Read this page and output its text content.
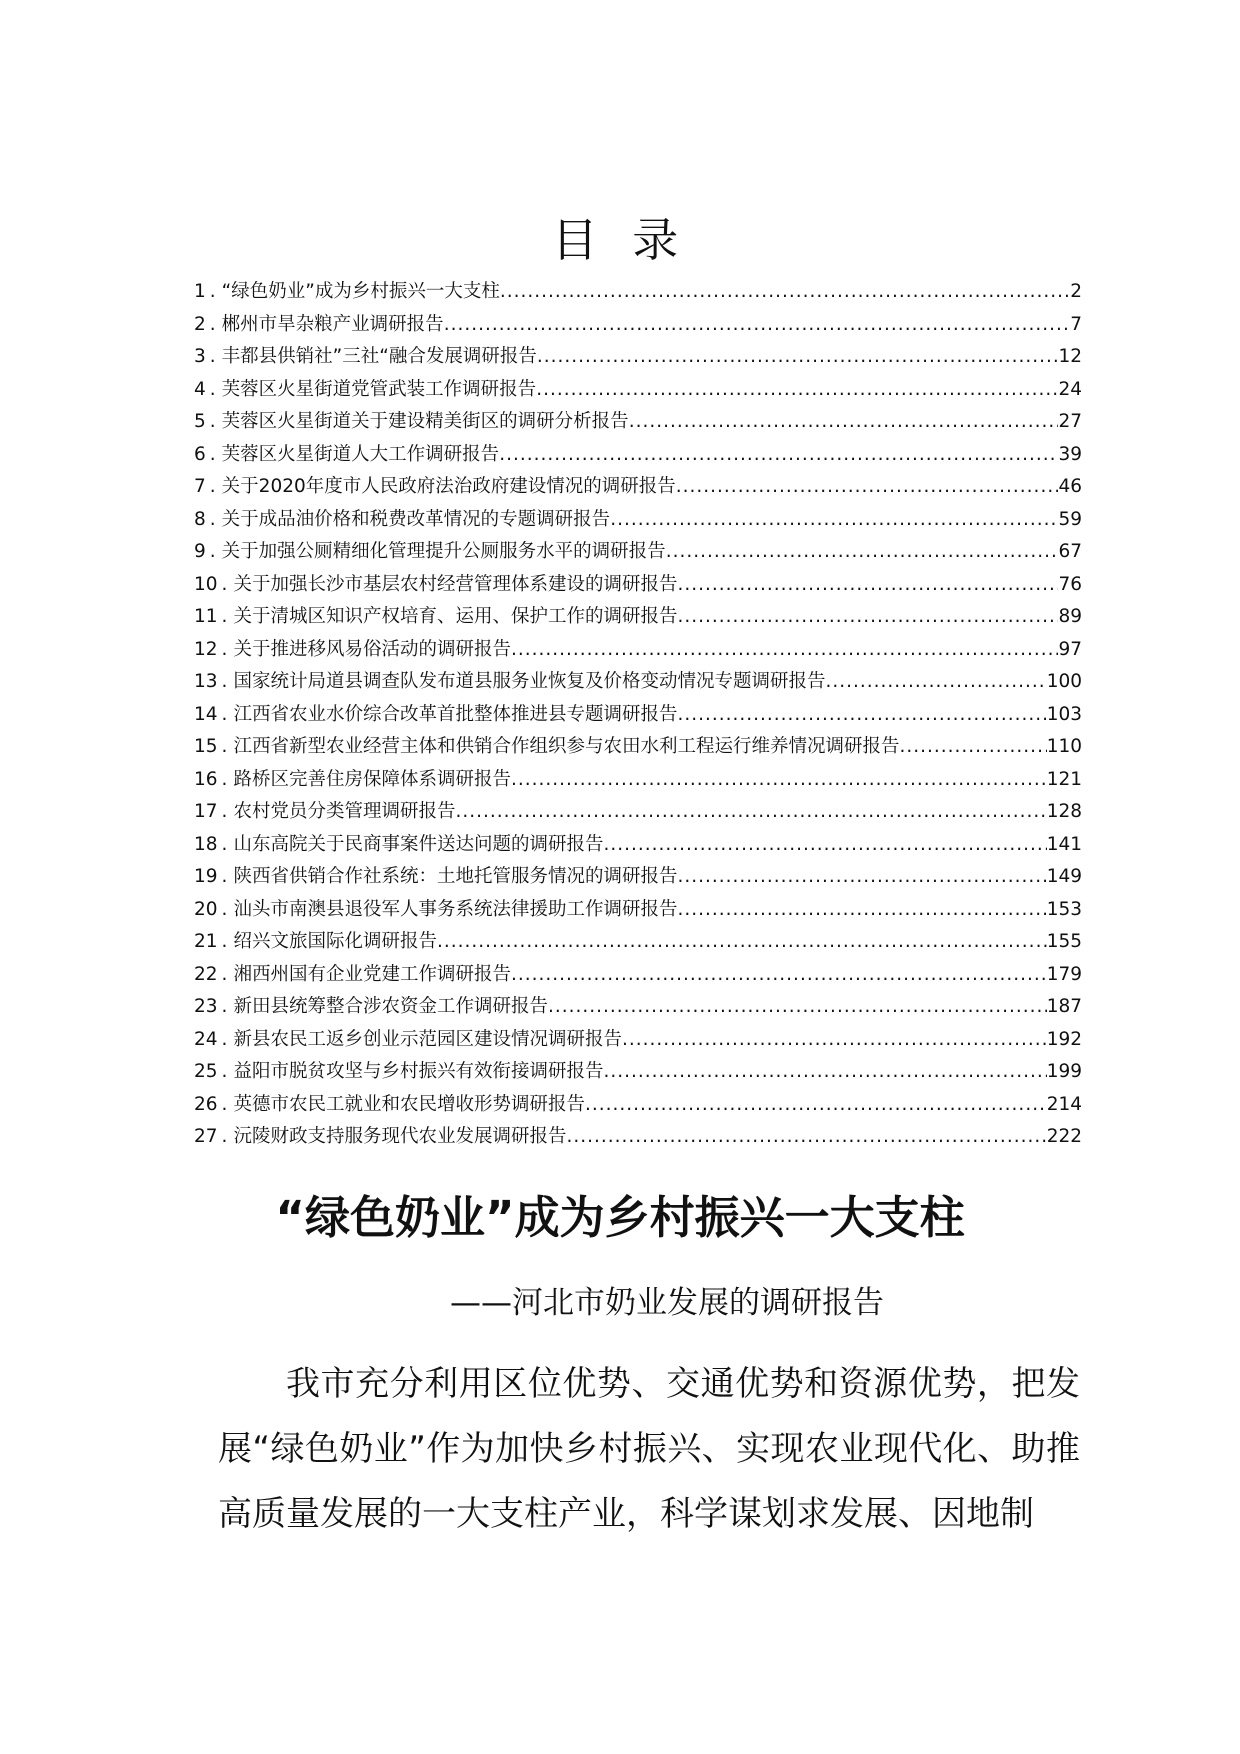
目 录
1 . “绿色奶业”成为乡村振兴一大支柱 .....	2
2 . 郴州市旱杂粮产业调研报告 .....	7
3 . 丰都县供销社”三社“融合发展调研报告 .....	12
4 . 芙蓉区火星街道党管武装工作调研报告 .....	24
5 . 芙蓉区火星街道关于建设精美街区的调研分析报告 .....	27
6 . 芙蓉区火星街道人大工作调研报告 .....	39
7 . 关于2020年度市人民政府法治政府建设情况的调研报告 .....	46
8 . 关于成品油价格和税费改革情况的专题调研报告 .....	59
9 . 关于加强公厕精细化管理提升公厕服务水平的调研报告 .....	67
10 . 关于加强长沙市基层农村经营管理体系建设的调研报告 .....	76
11 . 关于清城区知识产权培育、运用、保护工作的调研报告 .....	89
12 . 关于推进移风易俗活动的调研报告 .....	97
13 . 国家统计局道县调查队发布道县服务业恢复及价格变动情况专题调研报告 .....	100
14 . 江西省农业水价综合改革首批整体推进县专题调研报告 .....	103
15 . 江西省新型农业经营主体和供销合作组织参与农田水利工程运行维养情况调研报告 .....	110
16 . 路桥区完善住房保障体系调研报告 .....	121
17 . 农村党员分类管理调研报告 .....	128
18 . 山东高院关于民商事案件送达问题的调研报告 .....	141
19 . 陕西省供销合作社系统：土地托管服务情况的调研报告 .....	149
20 . 汕头市南澳县退役军人事务系统法律援助工作调研报告 .....	153
21 . 绍兴文旅国际化调研报告 .....	155
22 . 湘西州国有企业党建工作调研报告 .....	179
23 . 新田县统筹整合涉农资金工作调研报告 .....	187
24 . 新县农民工返乡创业示范园区建设情况调研报告 .....	192
25 . 益阳市脱贫攻坚与乡村振兴有效衔接调研报告 .....	199
26 . 英德市农民工就业和农民增收形势调研报告 .....	214
27 . 沅陵财政支持服务现代农业发展调研报告 .....	222
“绿色奶业”成为乡村振兴一大支柱
——河北市奶业发展的调研报告
我市充分利用区位优势、交通优势和资源优势，把发展“绿色奶业”作为加快乡村振兴、实现农业现代化、助推高质量发展的一大支柱产业，科学谋划求发展、因地制
